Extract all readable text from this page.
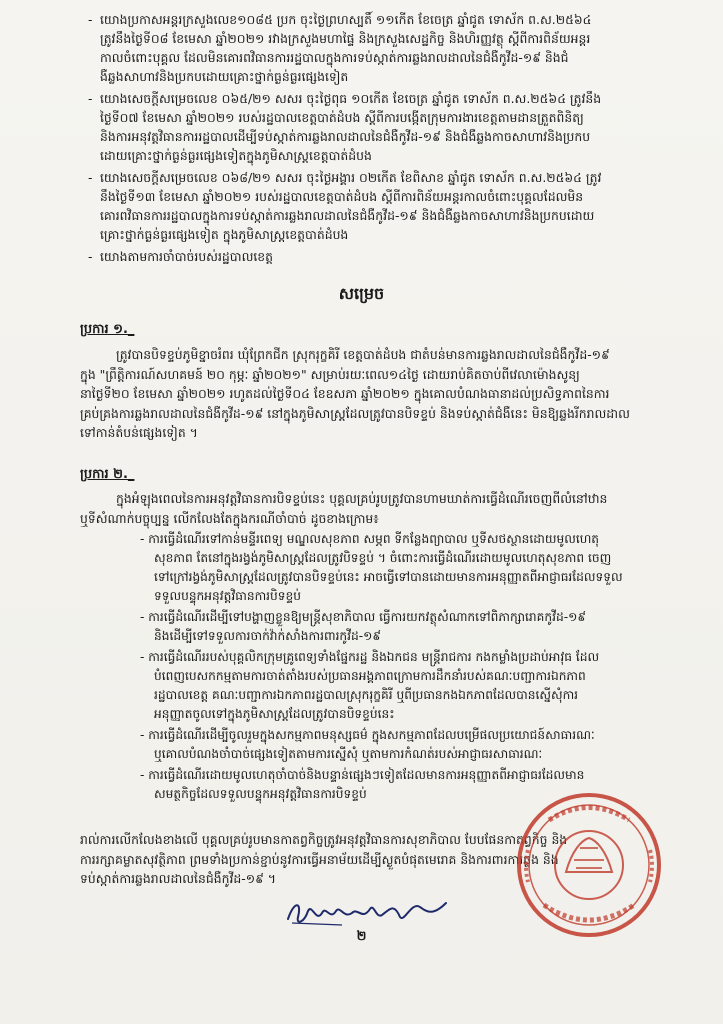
- យោងប្រកាសអន្តរក្រសួងលេខ១០៨៥ ប្រក ចុះថ្ងៃព្រហស្បតិ៍ ១១កើត ខែចេត្រ ឆ្នាំជូត ទោស័ក ព.ស.២៥៦៤
ត្រូវនឹងថ្ងៃទី០៨ ខែមេសា ឆ្នាំ២០២១ រវាងក្រសួងមហាផ្ទៃ និងក្រសួងសេដ្ឋកិច្ច និងហិរញ្ញវត្ថុ ស្តីពីការពិន័យអន្តរ
កាលចំពោះបុគ្គល ដែលមិនគោរពវិធានការរដ្ឋបាលក្នុងការទប់ស្កាត់ការឆ្លងរាលដាលនៃជំងឺកូវីដ-១៩ និងជំ
ងឺឆ្លងសាហាវនិងប្រកបដោយគ្រោះថ្នាក់ធ្ងន់ធ្ងរផ្សេងទៀត
- យោងសេចក្តីសម្រេចលេខ ០៦៥/២១ សសរ ចុះថ្ងៃពុធ ១០កើត ខែចេត្រ ឆ្នាំជូត ទោស័ក ព.ស.២៥៦៤ ត្រូវនឹង
ថ្ងៃទី០៧ ខែមេសា ឆ្នាំ២០២១ របស់រដ្ឋបាលខេត្តបាត់ដំបង ស្តីពីការបង្កើតក្រុមការងារខេត្តតាមដានត្រួតពិនិត្យ
និងការអនុវត្តវិធានការរដ្ឋបាលដើម្បីទប់ស្កាត់ការឆ្លងរាលដាលនៃជំងឺកូវីដ-១៩ និងជំងឺឆ្លងកាចសាហាវនិងប្រកប
ដោយគ្រោះថ្នាក់ធ្ងន់ធ្ងរផ្សេងទៀតក្នុងភូមិសាស្ត្រខេត្តបាត់ដំបង
- យោងសេចក្តីសម្រេចលេខ ០៦៨/២១ សសរ ចុះថ្ងៃអង្គារ ០២កើត ខែពិសាខ ឆ្នាំជូត ទោស័ក ព.ស.២៥៦៤ ត្រូវ
នឹងថ្ងៃទី១៣ ខែមេសា ឆ្នាំ២០២១ របស់រដ្ឋបាលខេត្តបាត់ដំបង ស្តីពីការពិន័យអន្តរកាលចំពោះបុគ្គលដែលមិន
គោរពវិធានការរដ្ឋបាលក្នុងការទប់ស្កាត់ការឆ្លងរាលដាលនៃជំងឺកូវីដ-១៩ និងជំងឺឆ្លងកាចសាហាវនិងប្រកបដោយ
គ្រោះថ្នាក់ធ្ងន់ធ្ងរផ្សេងទៀត ក្នុងភូមិសាស្ត្រខេត្តបាត់ដំបង
- យោងតាមការចាំបាច់របស់រដ្ឋបាលខេត្ត
សម្រេច
ប្រការ ១._
ត្រូវបានបិទខ្ទប់ភូមិខ្នាចរំពរ ឃុំព្រែកជីក ស្រុករុក្ខគិរី ខេត្តបាត់ដំបង ជាតំបន់មានការឆ្លងរាលដាលនៃជំងឺកូវីដ-១៩
ក្នុង "ព្រឹត្តិការណ៍សហគមន៍ ២០ កុម្ភៈ ឆ្នាំ២០២១" សម្រាប់រយៈពេល១៤ថ្ងៃ ដោយរាប់គិតចាប់ពីវេលាម៉ោងសូន្យ
នាថ្ងៃទី២០ ខែមេសា ឆ្នាំ២០២១ រហូតដល់ថ្ងៃទី០៤ ខែឧសភា ឆ្នាំ២០២១ ក្នុងគោលបំណងធានាដល់ប្រសិទ្ធភាពនៃការ
គ្រប់គ្រងការឆ្លងរាលដាលនៃជំងឺកូវីដ-១៩ នៅក្នុងភូមិសាស្ត្រដែលត្រូវបានបិទខ្ទប់ និងទប់ស្កាត់ជំងឺនេះ មិនឱ្យឆ្លងរីករាលដាល
ទៅកាន់តំបន់ផ្សេងទៀត ។
ប្រការ ២._
ក្នុងអំឡុងពេលនៃការអនុវត្តវិធានការបិទខ្ទប់នេះ បុគ្គលគ្រប់រូបត្រូវបានហាមឃាត់ការធ្វើដំណើរចេញពីលំនៅឋាន
ឬទីសំណាក់បច្ចុប្បន្ន លើកលែងតែក្នុងករណីចាំបាច់ ដូចខាងក្រោម៖
- ការធ្វើដំណើរទៅកាន់មន្ទីរពេទ្យ មណ្ឌលសុខភាព សម្ភព ទីកន្លែងព្យាបាល ឬទីសថស្ថានដោយមូលហេតុ
សុខភាព តែនៅក្នុងរង្វង់ភូមិសាស្ត្រដែលត្រូវបិទខ្ទប់ ។ ចំពោះការធ្វើដំណើរដោយមូលហេតុសុខភាព ចេញ
ទៅក្រៅរង្វង់ភូមិសាស្ត្រដែលត្រូវបានបិទខ្ទប់នេះ អាចធ្វើទៅបានដោយមានការអនុញ្ញាតពីអាជ្ញាធរដែលទទួល
ទទួលបន្ទុកអនុវត្តវិធានការបិទខ្ទប់
- ការធ្វើដំណើរដើម្បីទៅបង្ហាញខ្លួនឱ្យមន្ត្រីសុខាភិបាល ធ្វើការយកវត្ថុសំណាកទៅពិភាក្សារោគកូវីដ-១៩
និងដើម្បីទៅទទួលការចាក់វ៉ាក់សាំងការពារកូវីដ-១៩
- ការធ្វើដំណើររបស់បុគ្គលិកក្រុមគ្រូពេទ្យទាំងផ្នែករដ្ឋ និងឯកជន មន្ត្រីរាជការ កងកម្លាំងប្រដាប់អាវុធ ដែល
បំពេញបេសកកម្មតាមការចាត់តាំងរបស់ប្រធានអង្គភាពក្រោមការដឹកនាំរបស់គណៈបញ្ជាការឯកភាព
រដ្ឋបាលខេត្ត គណៈបញ្ជាការឯកភាពរដ្ឋបាលស្រុករុក្ខគិរី ឬពីប្រធានកងឯកភាពដែលបានស្នើសុំការ
អនុញ្ញាតចូលទៅក្នុងភូមិសាស្ត្រដែលត្រូវបានបិទខ្ទប់នេះ
- ការធ្វើដំណើរដើម្បីចូលរួមក្នុងសកម្មភាពមនុស្សធម៌ ក្នុងសកម្មភាពដែលបម្រើផលប្រយោជន៍សាធារណៈ
ឬគោលបំណងចាំបាច់ផ្សេងទៀតតាមការស្នើសុំ ឬតាមការកំណត់របស់អាជ្ញាធរសាធារណៈ
- ការធ្វើដំណើរដោយមូលហេតុចាំបាច់និងបន្ទាន់ផ្សេងៗទៀតដែលមានការអនុញ្ញាតពីអាជ្ញាធរដែលមាន
សមត្ថកិច្ចដែលទទួលបន្ទុកអនុវត្តវិធានការបិទខ្ទប់
រាល់ការលើកលែងខាងលើ បុគ្គលគ្រប់រូបមានកាតព្វកិច្ចត្រូវអនុវត្តវិធានការសុខាភិបាល បែបផែនកាតព្វកិច្ច និង
ការរក្សាគម្លាតសុវត្ថិភាព ព្រមទាំងប្រកាន់ខ្ជាប់នូវការធ្វើអនាម័យដើម្បីស្ងួតបំផុតមេរោគ និងការពារការឆ្លង និង
ទប់ស្កាត់ការឆ្លងរាលដាលនៃជំងឺកូវីដ-១៩ ។
២
